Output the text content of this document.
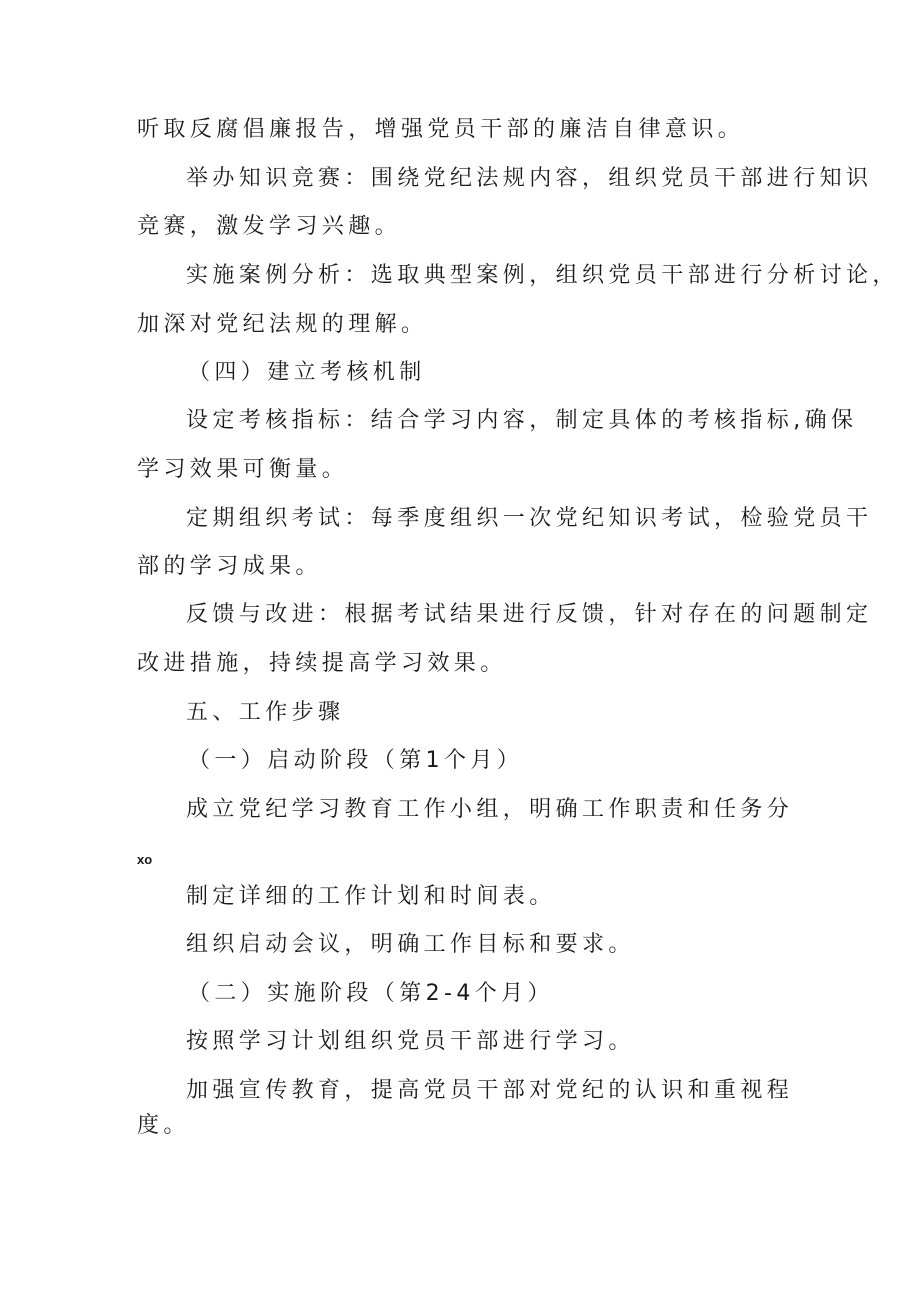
听取反腐倡廉报告，增强党员干部的廉洁自律意识。
举办知识竞赛：围绕党纪法规内容，组织党员干部进行知识
竞赛，激发学习兴趣。
实施案例分析：选取典型案例，组织党员干部进行分析讨论，
加深对党纪法规的理解。
（四）建立考核机制
设定考核指标：结合学习内容，制定具体的考核指标,确保
学习效果可衡量。
定期组织考试：每季度组织一次党纪知识考试，检验党员干
部的学习成果。
反馈与改进：根据考试结果进行反馈，针对存在的问题制定
改进措施，持续提高学习效果。
五、工作步骤
（一）启动阶段（第1个月）
成立党纪学习教育工作小组，明确工作职责和任务分
xo
制定详细的工作计划和时间表。
组织启动会议，明确工作目标和要求。
（二）实施阶段（第2-4个月）
按照学习计划组织党员干部进行学习。
加强宣传教育，提高党员干部对党纪的认识和重视程
度。
